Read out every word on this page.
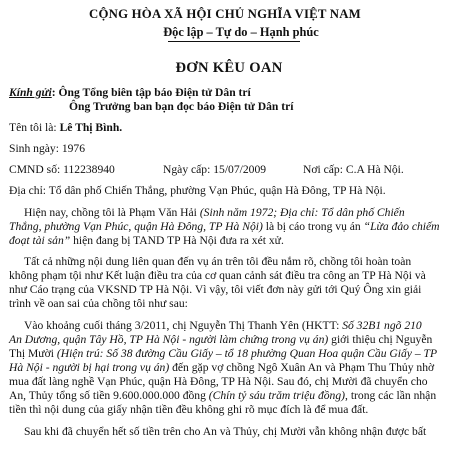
CỘNG HÒA XÃ HỘI CHỦ NGHĨA VIỆT NAM
Độc lập – Tự do – Hạnh phúc
ĐƠN KÊU OAN
Kính gửi: Ông Tổng biên tập báo Điện tử Dân trí
Ông Trưởng ban bạn đọc báo Điện tử Dân trí
Tên tôi là: Lê Thị Bình.
Sinh ngày: 1976
CMND số: 112238940	Ngày cấp: 15/07/2009	Nơi cấp: C.A Hà Nội.
Địa chỉ: Tổ dân phố Chiến Thắng, phường Vạn Phúc, quận Hà Đông, TP Hà Nội.
Hiện nay, chồng tôi là Phạm Văn Hải (Sinh năm 1972; Địa chỉ: Tổ dân phố Chiến
Thắng, phường Vạn Phúc, quận Hà Đông, TP Hà Nội) là bị cáo trong vụ án “Lừa đảo chiếm
đoạt tài sản” hiện đang bị TAND TP Hà Nội đưa ra xét xử.
Tất cả những nội dung liên quan đến vụ án trên tôi đều nắm rõ, chồng tôi hoàn toàn
không phạm tội như Kết luận điều tra của cơ quan cảnh sát điều tra công an TP Hà Nội và
như Cáo trạng của VKSND TP Hà Nội. Vì vậy, tôi viết đơn này gửi tới Quý Ông xin giải
trình về oan sai của chồng tôi như sau:
Vào khoảng cuối tháng 3/2011, chị Nguyễn Thị Thanh Yên (HKTT: Số 32B1 ngõ 210
An Dương, quận Tây Hồ, TP Hà Nội - người làm chứng trong vụ án) giới thiệu chị Nguyễn
Thị Mười (Hiện trú: Số 38 đường Cầu Giấy – tổ 18 phường Quan Hoa quận Cầu Giấy – TP
Hà Nội - người bị hại trong vụ án) đến gặp vợ chồng Ngô Xuân An và Phạm Thu Thủy nhờ
mua đất làng nghề Vạn Phúc, quận Hà Đông, TP Hà Nội. Sau đó, chị Mười đã chuyển cho
An, Thủy tổng số tiền 9.600.000.000 đồng (Chín tỷ sáu trăm triệu đồng), trong các lần nhận
tiền thì nội dung của giấy nhận tiền đều không ghi rõ mục đích là để mua đất.
Sau khi đã chuyển hết số tiền trên cho An và Thủy, chị Mười vẫn không nhận được bất
